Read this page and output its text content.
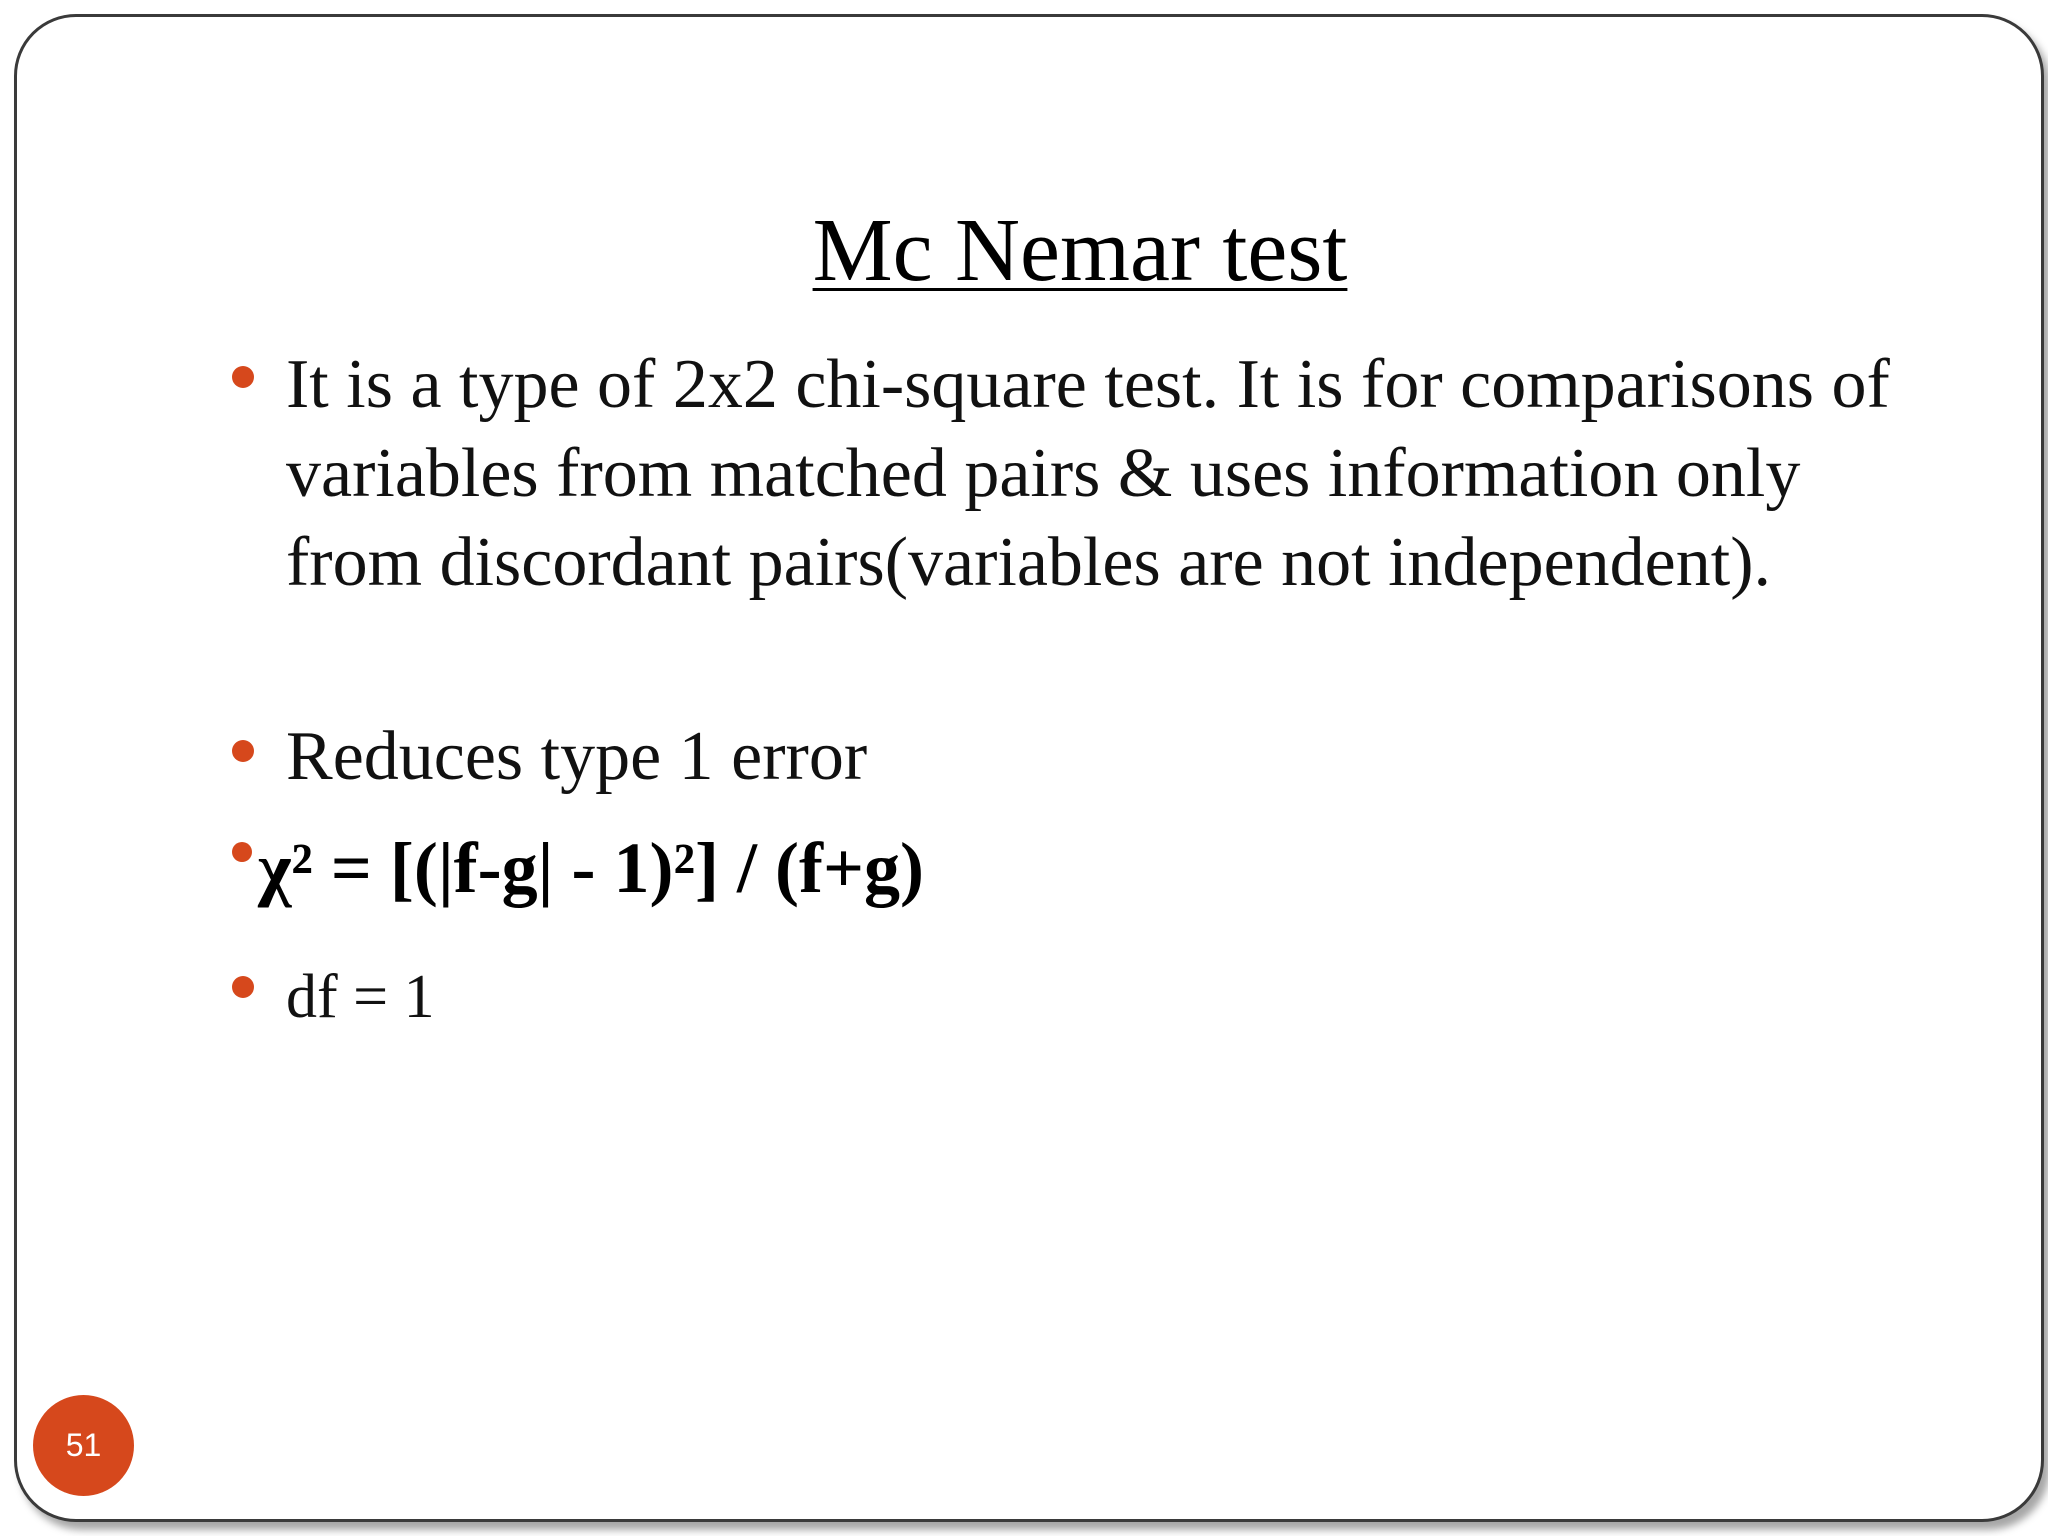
Mc Nemar test
It is a type of 2x2 chi-square test. It is for comparisons of variables from matched pairs & uses information only from discordant pairs(variables are not independent).
Reduces type 1 error
χ² = [(|f-g| - 1)²] / (f+g)
df = 1
51
